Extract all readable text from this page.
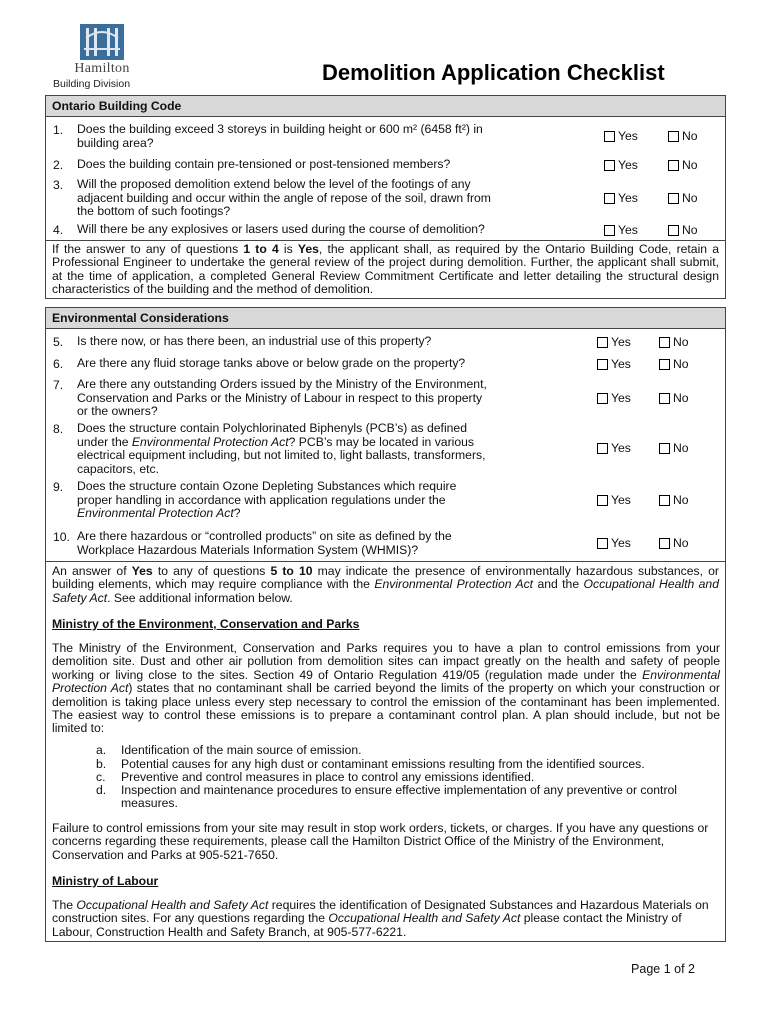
Hamilton
Building Division	Demolition Application Checklist
Ontario Building Code
1. Does the building exceed 3 storeys in building height or 600 m² (6458 ft²) in
building area?	Yes	No
2. Does the building contain pre-tensioned or post-tensioned members?	Yes	No
3. Will the proposed demolition extend below the level of the footings of any
adjacent building and occur within the angle of repose of the soil, drawn from
the bottom of such footings?
Yes	No
4. Will there be any explosives or lasers used during the course of demolition?	Yes	No
If the answer to any of questions 1 to 4 is Yes, the applicant shall, as required by the Ontario Building Code, retain a Professional Engineer to undertake the general review of the project during demolition. Further, the applicant shall submit, at the time of application, a completed General Review Commitment Certificate and letter detailing the structural design characteristics of the building and the method of demolition.
Environmental Considerations
5. Is there now, or has there been, an industrial use of this property?	Yes	No
6. Are there any fluid storage tanks above or below grade on the property?	Yes	No
7. Are there any outstanding Orders issued by the Ministry of the Environment,
Conservation and Parks or the Ministry of Labour in respect to this property
or the owners?
Yes	No
8. Does the structure contain Polychlorinated Biphenyls (PCB’s) as defined
under the Environmental Protection Act? PCB’s may be located in various
electrical equipment including, but not limited to, light ballasts, transformers,
capacitors, etc.
Yes	No
9. Does the structure contain Ozone Depleting Substances which require
proper handling in accordance with application regulations under the
Environmental Protection Act?
Yes	No
10. Are there hazardous or “controlled products” on site as defined by the
Workplace Hazardous Materials Information System (WHMIS)?	Yes	No
An answer of Yes to any of questions 5 to 10 may indicate the presence of environmentally hazardous substances, or building elements, which may require compliance with the Environmental Protection Act and the Occupational Health and Safety Act. See additional information below.
Ministry of the Environment, Conservation and Parks
The Ministry of the Environment, Conservation and Parks requires you to have a plan to control emissions from your demolition site. Dust and other air pollution from demolition sites can impact greatly on the health and safety of people working or living close to the sites. Section 49 of Ontario Regulation 419/05 (regulation made under the Environmental Protection Act) states that no contaminant shall be carried beyond the limits of the property on which your construction or demolition is taking place unless every step necessary to control the emission of the contaminant has been implemented. The easiest way to control these emissions is to prepare a contaminant control plan. A plan should include, but not be limited to:
a. Identification of the main source of emission.
b. Potential causes for any high dust or contaminant emissions resulting from the identified sources.
c. Preventive and control measures in place to control any emissions identified.
d. Inspection and maintenance procedures to ensure effective implementation of any preventive or control measures.
Failure to control emissions from your site may result in stop work orders, tickets, or charges. If you have any questions or concerns regarding these requirements, please call the Hamilton District Office of the Ministry of the Environment, Conservation and Parks at 905-521-7650.
Ministry of Labour
The Occupational Health and Safety Act requires the identification of Designated Substances and Hazardous Materials on construction sites. For any questions regarding the Occupational Health and Safety Act please contact the Ministry of Labour, Construction Health and Safety Branch, at 905-577-6221.
Page 1 of 2
